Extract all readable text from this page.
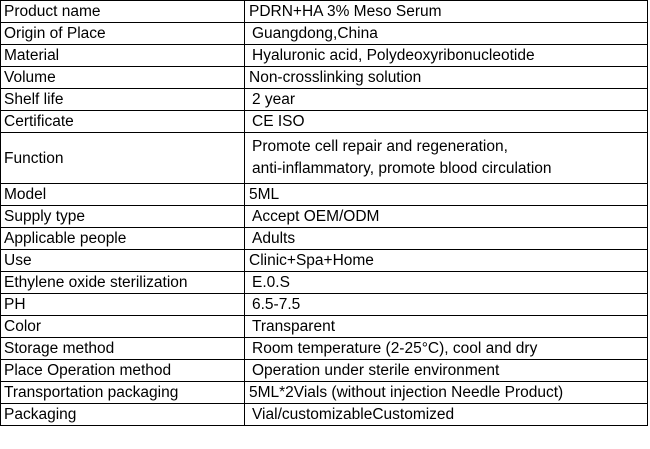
Product name	PDRN+HA 3% Meso Serum
Origin of Place	Guangdong,China
Material	Hyaluronic acid, Polydeoxyribonucleotide
Volume	Non-crosslinking solution
Shelf life	2 year
Certificate	CE ISO
Function	Promote cell repair and regeneration,
anti-inflammatory, promote blood circulation

Model	5ML
Supply type	Accept OEM/ODM
Applicable people	Adults
Use	Clinic+Spa+Home
Ethylene oxide sterilization	E.0.S
PH	6.5-7.5
Color	Transparent
Storage method	Room temperature (2-25°C), cool and dry
Place Operation method	Operation under sterile environment
Transportation packaging	5ML*2Vials (without injection Needle Product)
Packaging	Vial/customizableCustomized
